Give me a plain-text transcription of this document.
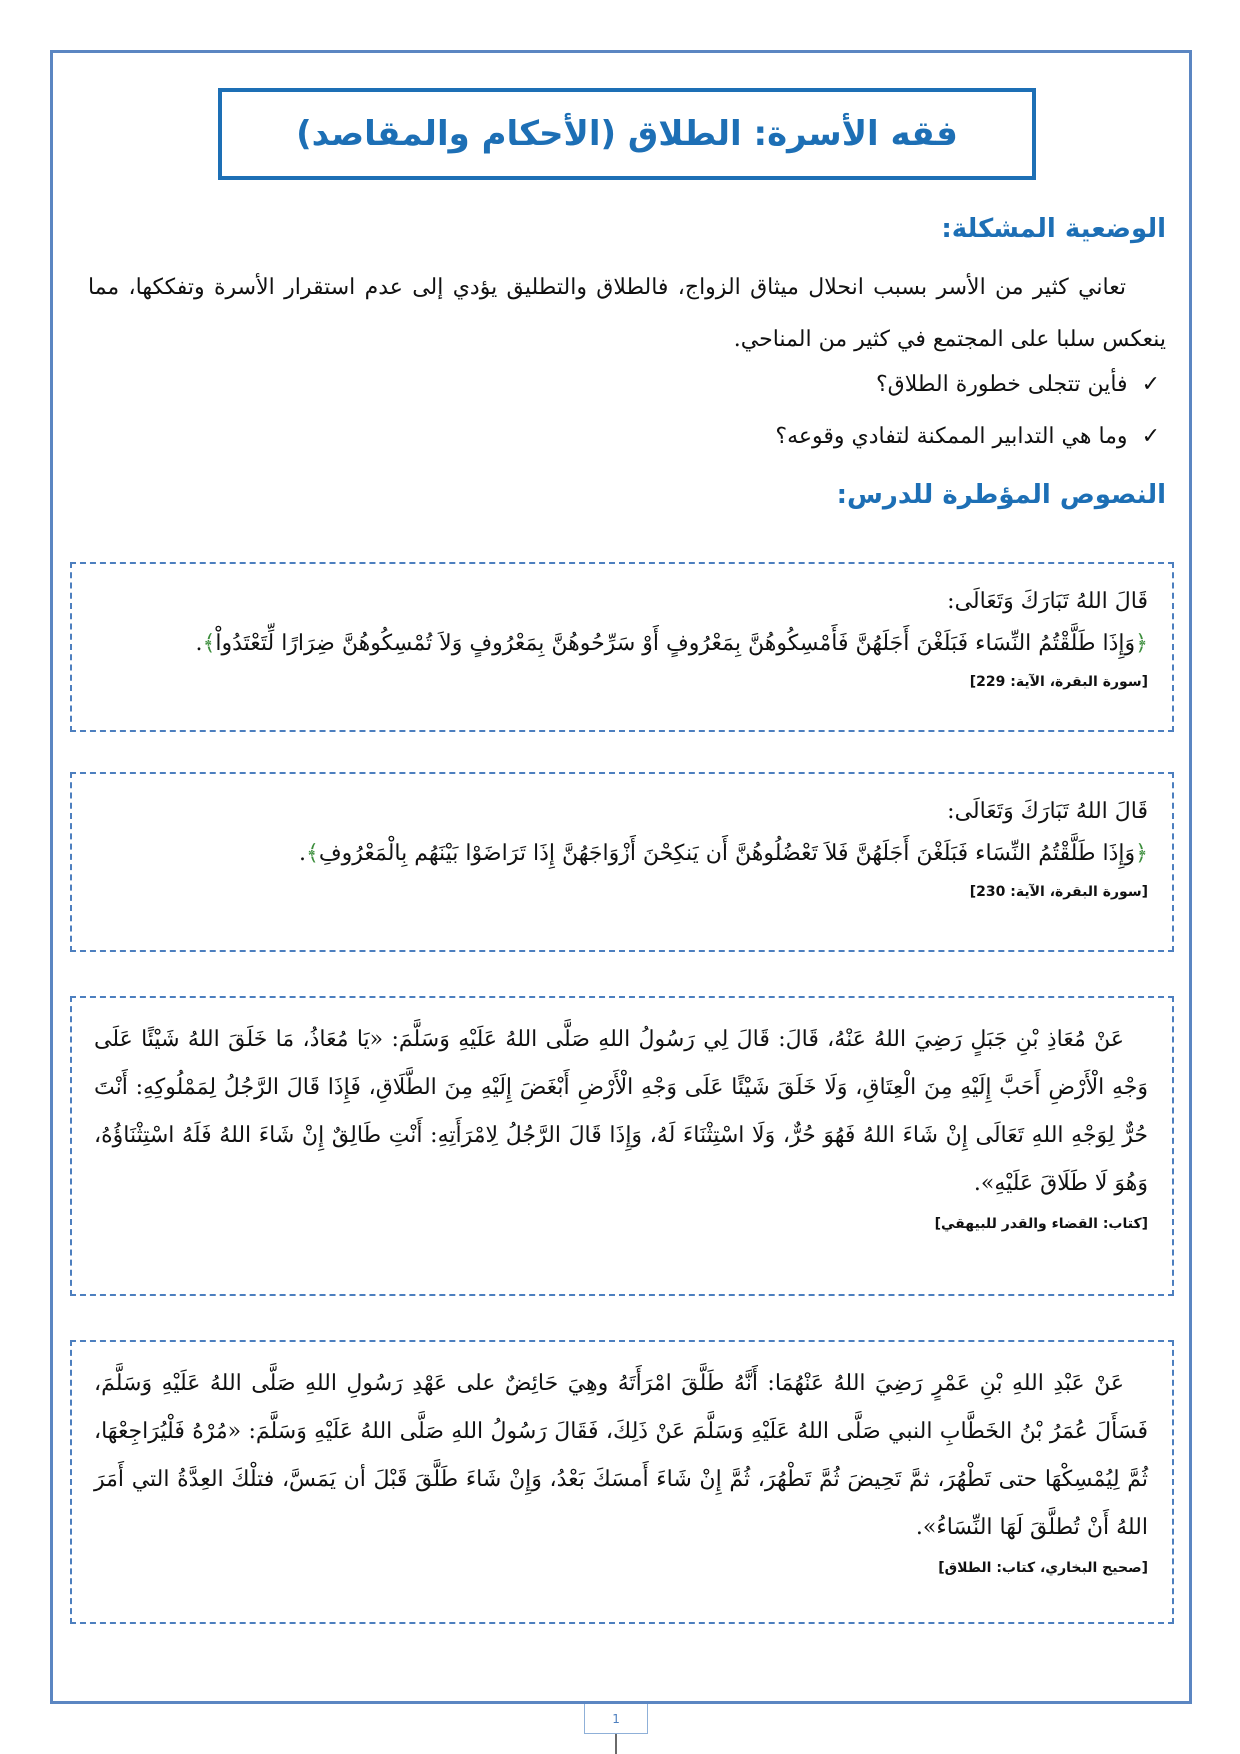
فقه الأسرة: الطلاق (الأحكام والمقاصد)
الوضعية المشكلة:
تعاني كثير من الأسر بسبب انحلال ميثاق الزواج، فالطلاق والتطليق يؤدي إلى عدم استقرار الأسرة وتفككها، مما ينعكس سلبا على المجتمع في كثير من المناحي.
✓
فأين تتجلى خطورة الطلاق؟
✓
وما هي التدابير الممكنة لتفادي وقوعه؟
النصوص المؤطرة للدرس:
قَالَ اللهُ تَبَارَكَ وَتَعَالَى:
﴿وَإِذَا طَلَّقْتُمُ النِّسَاء فَبَلَغْنَ أَجَلَهُنَّ فَأَمْسِكُوهُنَّ بِمَعْرُوفٍ أَوْ سَرِّحُوهُنَّ بِمَعْرُوفٍ وَلاَ تُمْسِكُوهُنَّ ضِرَارًا لِّتَعْتَدُواْ﴾.
[سورة البقرة، الآية: 229]
قَالَ اللهُ تَبَارَكَ وَتَعَالَى:
﴿وَإِذَا طَلَّقْتُمُ النِّسَاء فَبَلَغْنَ أَجَلَهُنَّ فَلاَ تَعْضُلُوهُنَّ أَن يَنكِحْنَ أَزْوَاجَهُنَّ إِذَا تَرَاضَوْا بَيْنَهُم بِالْمَعْرُوفِ﴾.
[سورة البقرة، الآية: 230]
عَنْ مُعَاذِ بْنِ جَبَلٍ رَضِيَ اللهُ عَنْهُ، قَالَ: قَالَ لِي رَسُولُ اللهِ صَلَّى اللهُ عَلَيْهِ وَسَلَّمَ: «يَا مُعَاذُ، مَا خَلَقَ اللهُ شَيْئًا عَلَى وَجْهِ الْأَرْضِ أَحَبَّ إِلَيْهِ مِنَ الْعِتَاقِ، وَلَا خَلَقَ شَيْئًا عَلَى وَجْهِ الْأَرْضِ أَبْغَضَ إِلَيْهِ مِنَ الطَّلَاقِ، فَإِذَا قَالَ الرَّجُلُ لِمَمْلُوكِهِ: أَنْتَ حُرٌّ لِوَجْهِ اللهِ تَعَالَى إِنْ شَاءَ اللهُ فَهُوَ حُرٌّ، وَلَا اسْتِثْنَاءَ لَهُ، وَإِذَا قَالَ الرَّجُلُ لِامْرَأَتِهِ: أَنْتِ طَالِقٌ إِنْ شَاءَ اللهُ فَلَهُ اسْتِثْنَاؤُهُ، وَهُوَ لَا طَلَاقَ عَلَيْهِ».
[كتاب: القضاء والقدر للبيهقي]
عَنْ عَبْدِ اللهِ بْنِ عَمْرٍ رَضِيَ اللهُ عَنْهُمَا: أَنَّهُ طَلَّقَ امْرَأَتَهُ وهِيَ حَائِضٌ على عَهْدِ رَسُولِ اللهِ صَلَّى اللهُ عَلَيْهِ وَسَلَّمَ، فَسَأَلَ عُمَرُ بْنُ الخَطَّابِ النبي صَلَّى اللهُ عَلَيْهِ وَسَلَّمَ عَنْ ذَلِكَ، فَقَالَ رَسُولُ اللهِ صَلَّى اللهُ عَلَيْهِ وَسَلَّمَ: «مُرْهُ فَلْيُرَاجِعْهَا، ثُمَّ لِيُمْسِكْهَا حتى تَطْهُرَ، ثمَّ تَحِيضَ ثُمَّ تَطْهُرَ، ثُمَّ إِنْ شَاءَ أَمسَكَ بَعْدُ، وَإِنْ شَاءَ طَلَّقَ قَبْلَ أن يَمَسَّ، فتلْكَ العِدَّةُ التي أَمَرَ اللهُ أَنْ تُطلَّقَ لَهَا النِّسَاءُ».
[صحيح البخاري، كتاب: الطلاق]
1
